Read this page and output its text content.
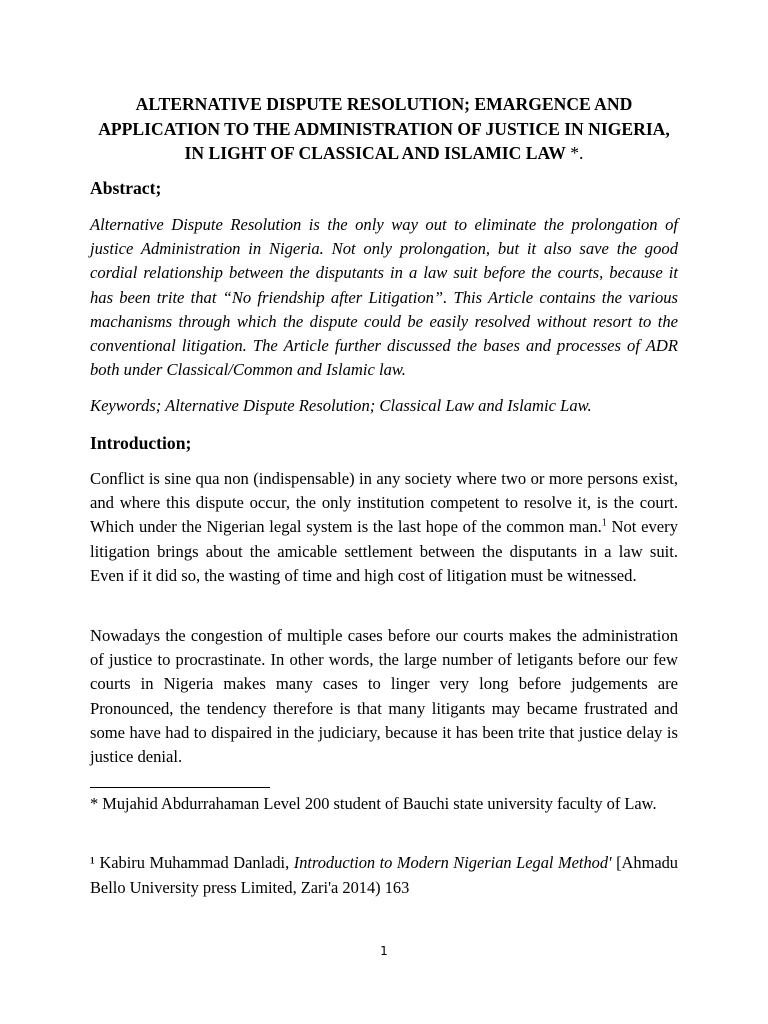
ALTERNATIVE DISPUTE RESOLUTION; EMARGENCE AND
APPLICATION TO THE ADMINISTRATION OF JUSTICE IN NIGERIA,
IN LIGHT OF CLASSICAL AND ISLAMIC LAW *.
Abstract;

Alternative Dispute Resolution is the only way out to eliminate the prolongation of justice Administration in Nigeria. Not only prolongation, but it also save the good cordial relationship between the disputants in a law suit before the courts, because it has been trite that “No friendship after Litigation”. This Article contains the various machanisms through which the dispute could be easily resolved without resort to the conventional litigation. The Article further discussed the bases and processes of ADR both under Classical/Common and Islamic law.

Keywords; Alternative Dispute Resolution; Classical Law and Islamic Law.

Introduction;

Conflict is sine qua non (indispensable) in any society where two or more persons exist, and where this dispute occur, the only institution competent to resolve it, is the court. Which under the Nigerian legal system is the last hope of the common man.$^1$ Not every litigation brings about the amicable settlement between the disputants in a law suit. Even if it did so, the wasting of time and high cost of litigation must be witnessed.

Nowadays the congestion of multiple cases before our courts makes the administration of justice to procrastinate. In other words, the large number of letigants before our few courts in Nigeria makes many cases to linger very long before judgements are Pronounced, the tendency therefore is that many litigants may became frustrated and some have had to dispaired in the judiciary, because it has been trite that justice delay is justice denial.

* Mujahid Abdurrahaman Level 200 student of Bauchi state university faculty of Law.

¹ Kabiru Muhammad Danladi, Introduction to Modern Nigerian Legal Method' [Ahmadu Bello University press Limited, Zari'a 2014) 163

1
